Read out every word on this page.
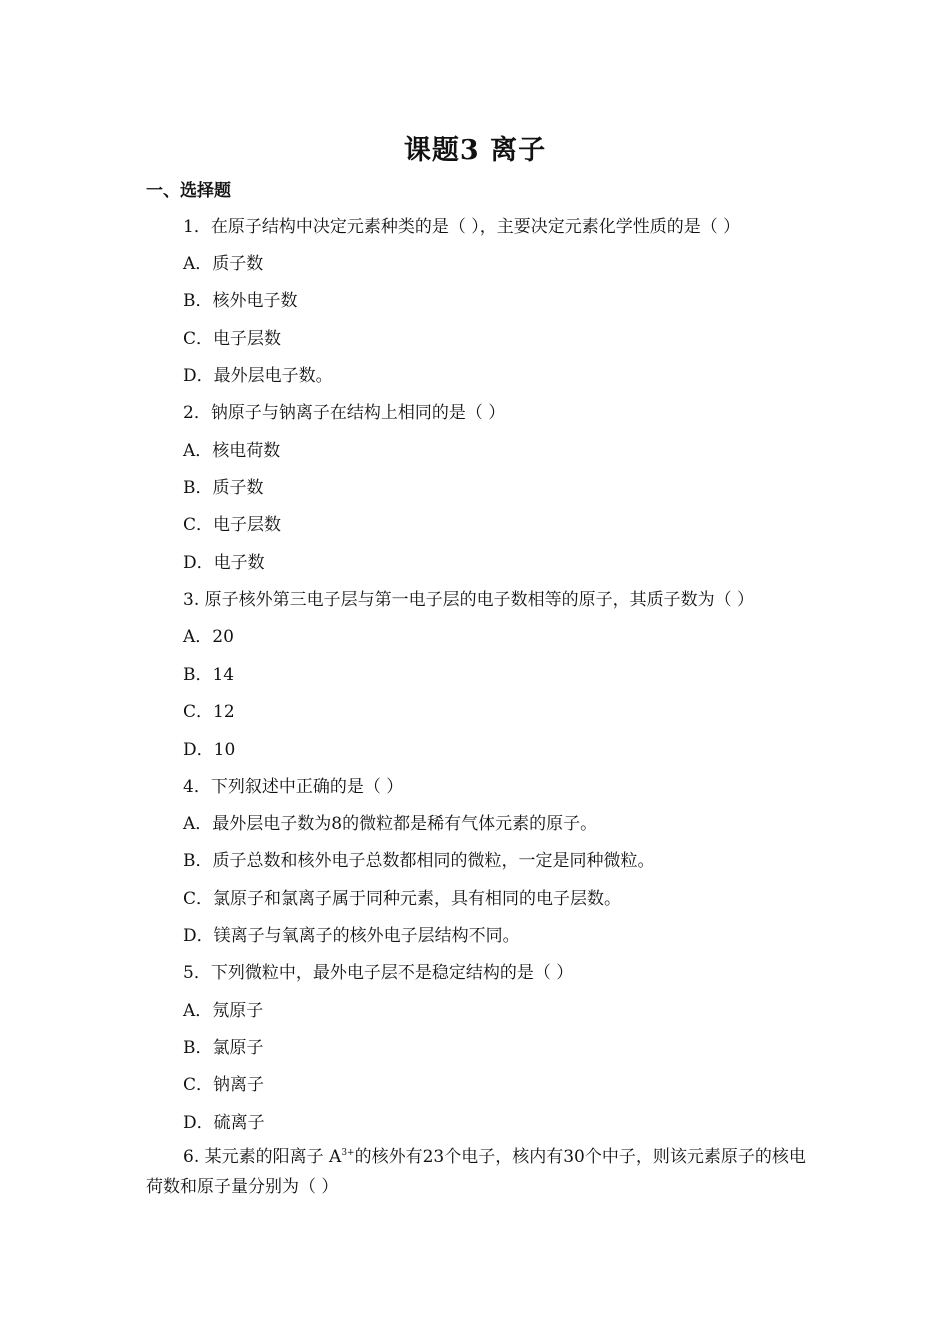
课题3 离子
一、选择题
1．在原子结构中决定元素种类的是（ ），主要决定元素化学性质的是（ ）
A．质子数
B．核外电子数
C．电子层数
D．最外层电子数。
2．钠原子与钠离子在结构上相同的是（ ）
A．核电荷数
B．质子数
C．电子层数
D．电子数
3. 原子核外第三电子层与第一电子层的电子数相等的原子，其质子数为（ ）
A．20
B．14
C．12
D．10
4．下列叙述中正确的是（ ）
A．最外层电子数为8的微粒都是稀有气体元素的原子。
B．质子总数和核外电子总数都相同的微粒，一定是同种微粒。
C．氯原子和氯离子属于同种元素，具有相同的电子层数。
D．镁离子与氧离子的核外电子层结构不同。
5．下列微粒中，最外电子层不是稳定结构的是（ ）
A．氖原子
B．氯原子
C．钠离子
D．硫离子
6. 某元素的阳离子 $A^{3+}$的核外有23个电子，核内有30个中子，则该元素原子的核电荷数和原子量分别为（ ）
